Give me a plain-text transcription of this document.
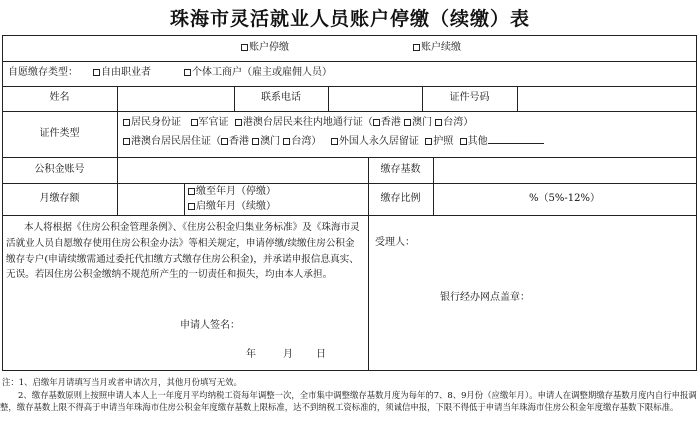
珠海市灵活就业人员账户停缴（续缴）表
账户停缴	账户续缴
自愿缴存类型：	自由职业者	个体工商户（雇主或雇佣人员）
姓名	联系电话	证件号码
证件类型
居民身份证 军官证 港澳台居民来往内地通行证（ 香港 澳门 台湾）
港澳台居民居住证（ 香港 澳门 台湾） 外国人永久居留证 护照 其他
公积金账号	缴存基数
月缴存额
缴至年月（停缴）
启缴年月（续缴）
缴存比例	%（5%-12%）
本人将根据《住房公积金管理条例》、《住房公积金归集业务标准》及《珠海市灵活就业人员自愿缴存使用住房公积金办法》等相关规定，申请停缴/续缴住房公积金缴存专户(申请续缴需通过委托代扣缴方式缴存住房公积金)，并承诺申报信息真实、无误。若因住房公积金缴纳不规范所产生的一切责任和损失，均由本人承担。
申请人签名：
年	月 日
受理人：
银行经办网点盖章：
注：1、启缴年月请填写当月或者申请次月，其他月份填写无效。
2、缴存基数原则上按照申请人本人上一年度月平均纳税工资每年调整一次，全市集中调整缴存基数月度为每年的7、8、9月份（应缴年月）。申请人在调整期缴存基数月度内自行申报调整，缴存基数上限不得高于申请当年珠海市住房公积金年度缴存基数上限标准，达不到纳税工资标准的，须诚信申报，下限不得低于申请当年珠海市住房公积金年度缴存基数下限标准。
